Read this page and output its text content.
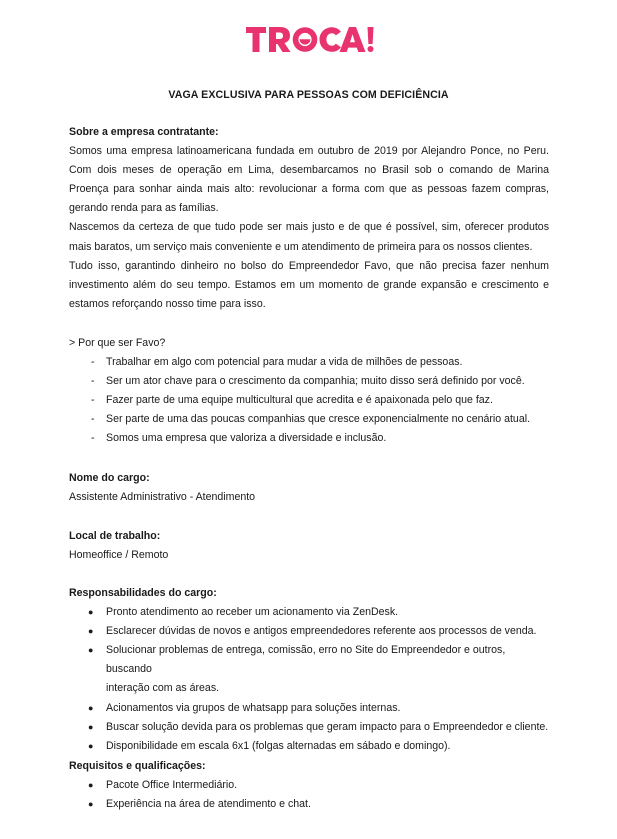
VAGA EXCLUSIVA PARA PESSOAS COM DEFICIÊNCIA

Sobre a empresa contratante:

Somos uma empresa latinoamericana fundada em outubro de 2019 por Alejandro Ponce, no Peru. Com dois meses de operação em Lima, desembarcamos no Brasil sob o comando de Marina Proença para sonhar ainda mais alto: revolucionar a forma com que as pessoas fazem compras, gerando renda para as famílias.

Nascemos da certeza de que tudo pode ser mais justo e de que é possível, sim, oferecer produtos mais baratos, um serviço mais conveniente e um atendimento de primeira para os nossos clientes.

Tudo isso, garantindo dinheiro no bolso do Empreendedor Favo, que não precisa fazer nenhum investimento além do seu tempo. Estamos em um momento de grande expansão e crescimento e estamos reforçando nosso time para isso.

> Por que ser Favo?

- Trabalhar em algo com potencial para mudar a vida de milhões de pessoas.
- Ser um ator chave para o crescimento da companhia; muito disso será definido por você.
- Fazer parte de uma equipe multicultural que acredita e é apaixonada pelo que faz.
- Ser parte de uma das poucas companhias que cresce exponencialmente no cenário atual.
- Somos uma empresa que valoriza a diversidade e inclusão.

Nome do cargo:

Assistente Administrativo - Atendimento

Local de trabalho:

Homeoffice / Remoto

Responsabilidades do cargo:

● Pronto atendimento ao receber um acionamento via ZenDesk.
● Esclarecer dúvidas de novos e antigos empreendedores referente aos processos de venda.
● Solucionar problemas de entrega, comissão, erro no Site do Empreendedor e outros, buscando
interação com as áreas.
● Acionamentos via grupos de whatsapp para soluções internas.
● Buscar solução devida para os problemas que geram impacto para o Empreendedor e cliente.
● Disponibilidade em escala 6x1 (folgas alternadas em sábado e domingo).

Requisitos e qualificações:

● Pacote Office Intermediário.
● Experiência na área de atendimento e chat.
